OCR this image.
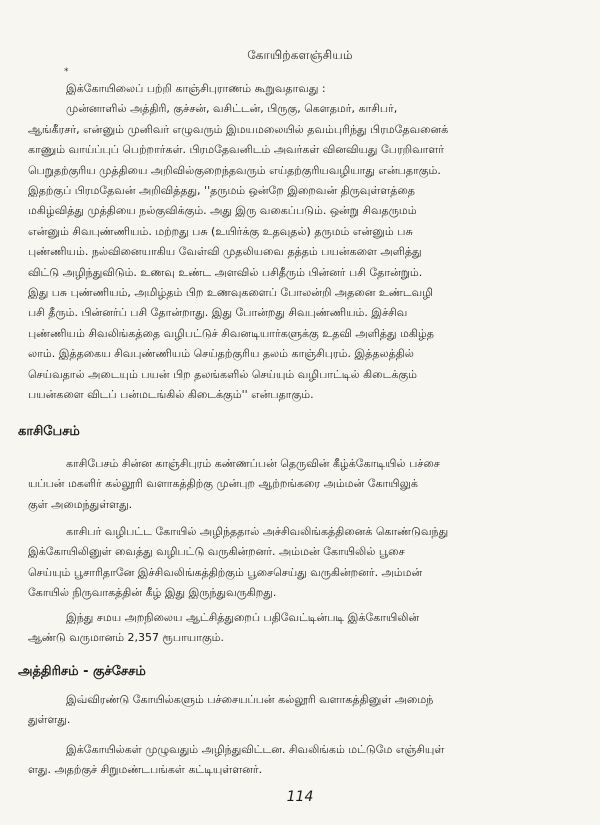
*
கோயிற்களஞ்சியம்
இக்கோயிலைப் பற்றி காஞ்சிபுராணம் கூறுவதாவது :
முன்னாளில் அத்திரி, குச்சன், வசிட்டன், பிருகு, கௌதமர், காசிபர்,
ஆங்கீரசர், என்னும் முனிவர் எழுவரும் இமயமலையில் தவம்புரிந்து பிரமதேவனைக்
காணும் வாய்ப்புப் பெற்றார்கள். பிரமதேவனிடம் அவர்கள் வினவியது பேரறிவாளர்
பெறுதற்குரிய முத்தியை அறிவில்குறைந்தவரும் எய்தற்குரியவழியாது என்பதாகும்.
இதற்குப் பிரமதேவன் அறிவித்தது, ''தருமம் ஒன்றே இறைவன் திருவுள்ளத்தை
மகிழ்வித்து முத்தியை நல்குவிக்கும். அது இரு வகைப்படும். ஒன்று சிவதருமம்
என்னும் சிவபுண்ணியம். மற்றது பசு (உயிர்க்கு உதவுதல்) தருமம் என்னும் பசு
புண்ணியம். நல்வினையாகிய வேள்வி முதலியவை தத்தம் பயன்களை அளித்து
விட்டு அழிந்துவிடும். உணவு உண்ட அளவில் பசிதீரும் பின்னர் பசி தோன்றும்.
இது பசு புண்ணியம், அமிழ்தம் பிற உணவுகளைப் போலன்றி அதனை உண்டவழி
பசி தீரும். பின்னர்ப் பசி தோன்றாது. இது போன்றது சிவபுண்ணியம். இச்சிவ
புண்ணியம் சிவலிங்கத்தை வழிபட்டுச் சிவனடியார்களுக்கு உதவி அளித்து மகிழ்த
லாம். இத்தகைய சிவபுண்ணியம் செய்தற்குரிய தலம் காஞ்சிபுரம். இத்தலத்தில்
செய்வதால் அடையும் பயன் பிற தலங்களில் செய்யும் வழிபாட்டில் கிடைக்கும்
பயன்களை விடப் பன்மடங்கில் கிடைக்கும்'' என்பதாகும்.
காசிபேசம்
காசிபேசம் சின்ன காஞ்சிபுரம் கண்ணப்பன் தெருவின் கீழ்க்கோடியில் பச்சை
யப்பன் மகளிர் கல்லூரி வளாகத்திற்கு முன்புற ஆற்றங்கரை அம்மன் கோயிலுக்
குள் அமைந்துள்ளது.
காசிபர் வழிபட்ட கோயில் அழிந்ததால் அச்சிவலிங்கத்தினைக் கொண்டுவந்து
இக்கோயிலினுள் வைத்து வழிபட்டு வருகின்றனர். அம்மன் கோயிலில் பூசை
செய்யும் பூசாரிதானே இச்சிவலிங்கத்திற்கும் பூசைசெய்து வருகின்றனர். அம்மன்
கோயில் நிருவாகத்தின் கீழ் இது இருந்துவருகிறது.
இந்து சமய அறநிலைய ஆட்சித்துறைப் பதிவேட்டின்படி இக்கோயிலின்
ஆண்டு வருமானம் 2,357 ரூபாயாகும்.
அத்திரிசம் - குச்சேசம்
இவ்விரண்டு கோயில்களும் பச்சையப்பன் கல்லூரி வளாகத்தினுள் அமைந்
துள்ளது.
இக்கோயில்கள் முழுவதும் அழிந்துவிட்டன. சிவலிங்கம் மட்டுமே எஞ்சியுள்
ளது. அதற்குச் சிறுமண்டபங்கள் கட்டியுள்ளனர்.
114
